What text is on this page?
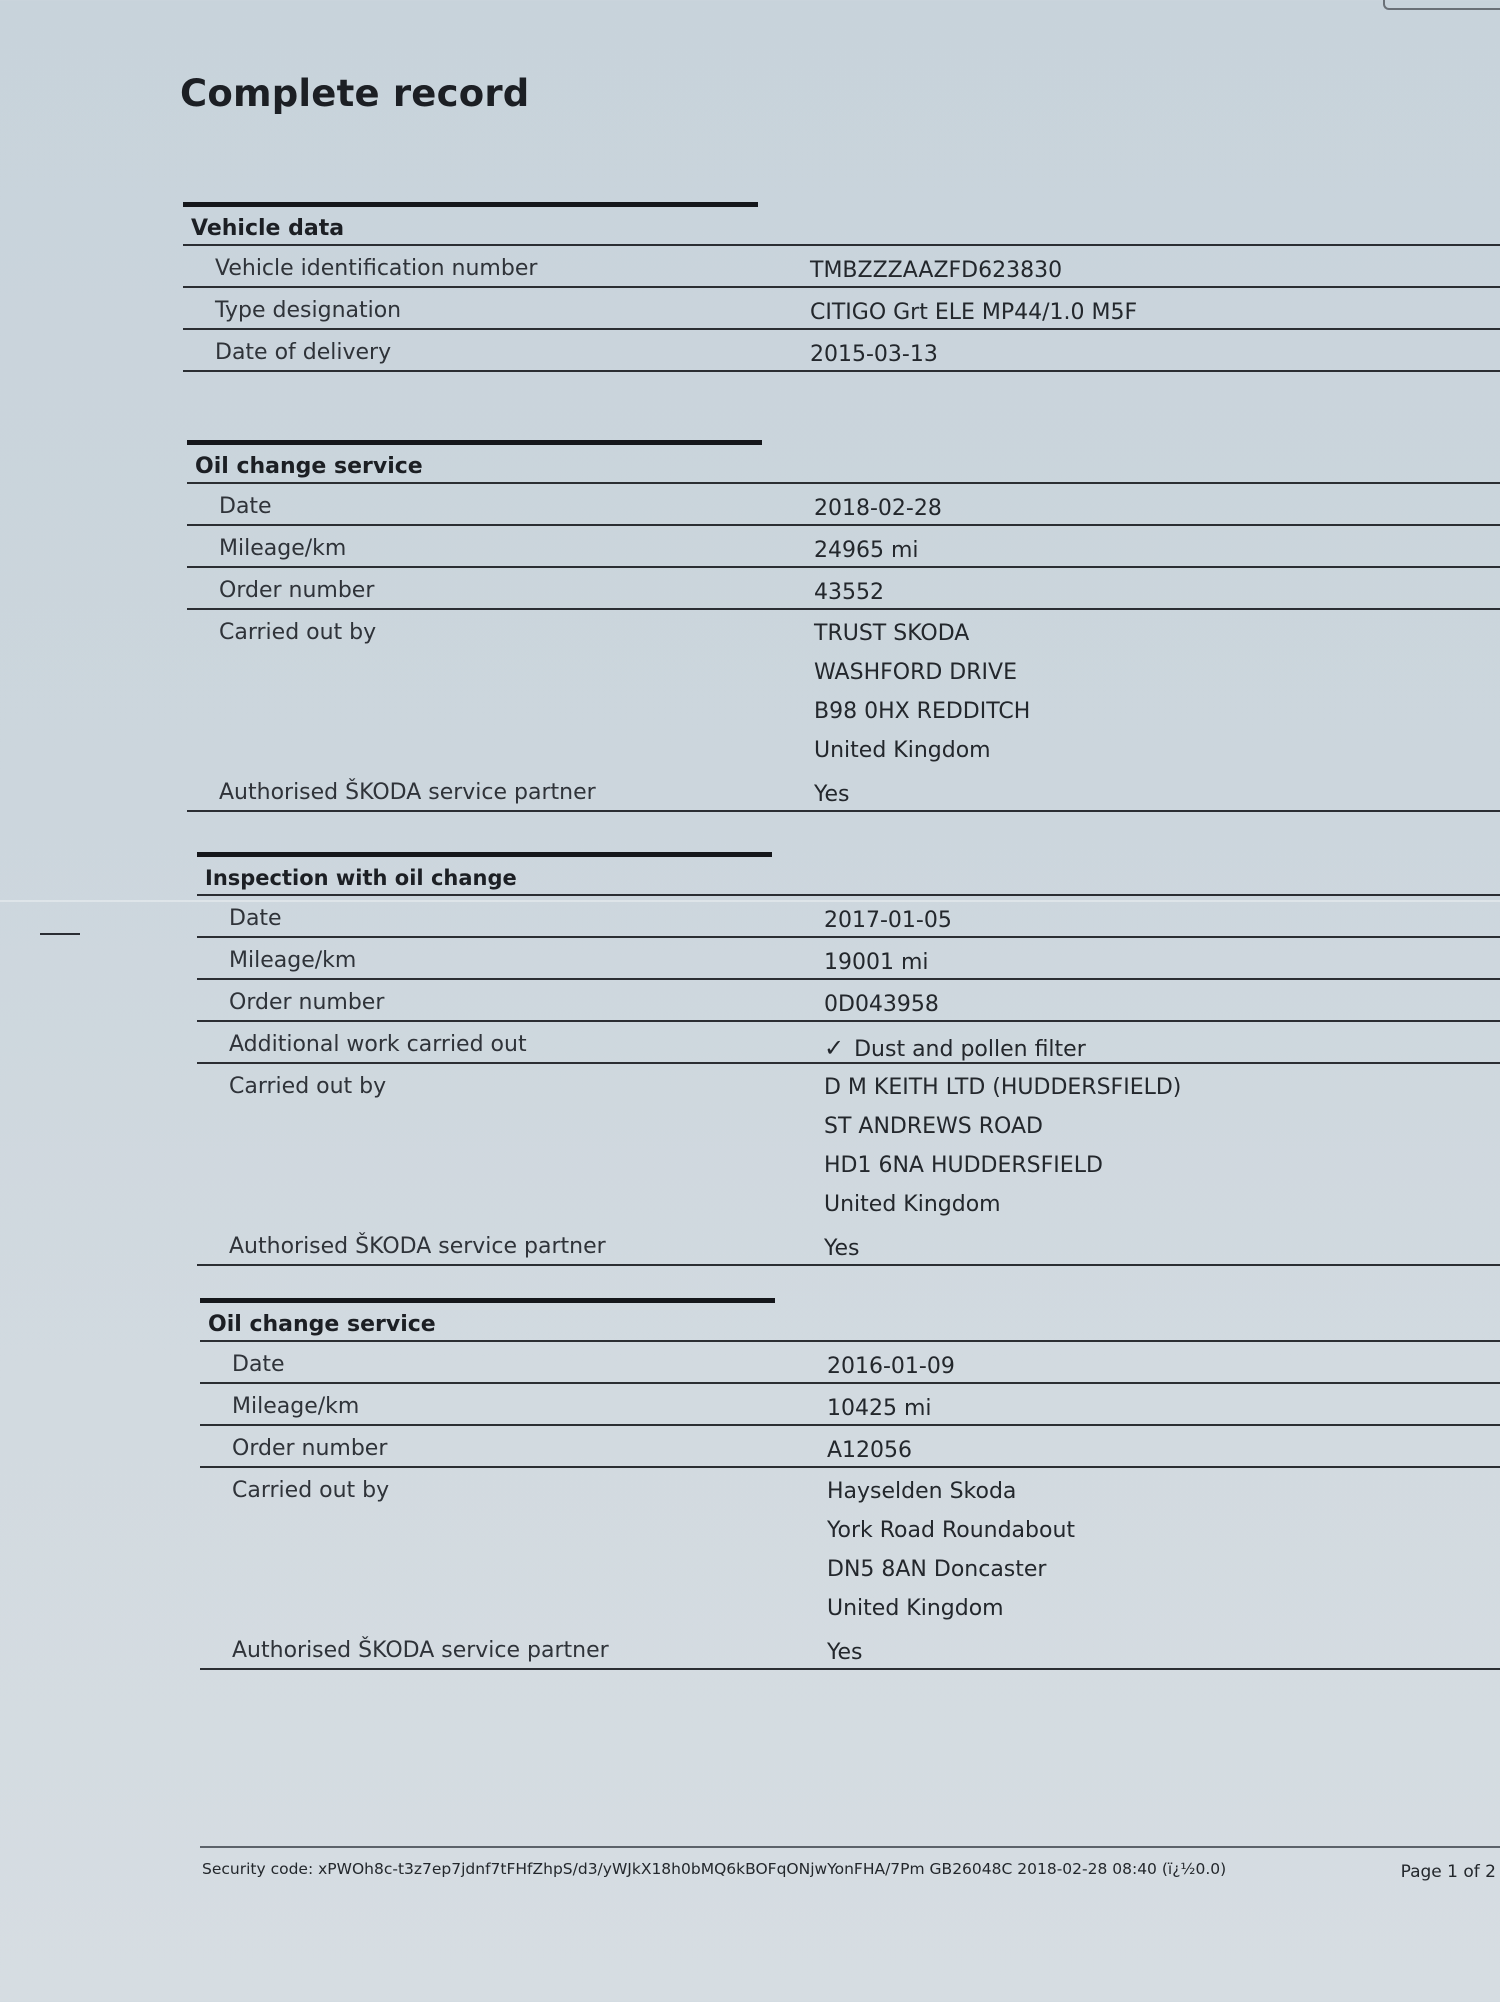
Complete record
Vehicle data
Vehicle identification number	TMBZZZAAZFD623830
Type designation	CITIGO Grt ELE MP44/1.0 M5F
Date of delivery	2015-03-13
Oil change service
Date	2018-02-28
Mileage/km	24965 mi
Order number	43552
Carried out by	TRUST SKODA
WASHFORD DRIVE
B98 0HX REDDITCH
United Kingdom
Authorised ŠKODA service partner	Yes
Inspection with oil change
Date	2017-01-05
Mileage/km	19001 mi
Order number	0D043958
Additional work carried out	✓ Dust and pollen filter
Carried out by	D M KEITH LTD (HUDDERSFIELD)
ST ANDREWS ROAD
HD1 6NA HUDDERSFIELD
United Kingdom
Authorised ŠKODA service partner	Yes
Oil change service
Date	2016-01-09
Mileage/km	10425 mi
Order number	A12056
Carried out by	Hayselden Skoda
York Road Roundabout
DN5 8AN Doncaster
United Kingdom
Authorised ŠKODA service partner	Yes
Security code: xPWOh8c-t3z7ep7jdnf7tFHfZhpS/d3/yWJkX18h0bMQ6kBOFqONjwYonFHA/7Pm GB26048C 2018-02-28 08:40 (ï¿½0.0)	Page 1 of 2
